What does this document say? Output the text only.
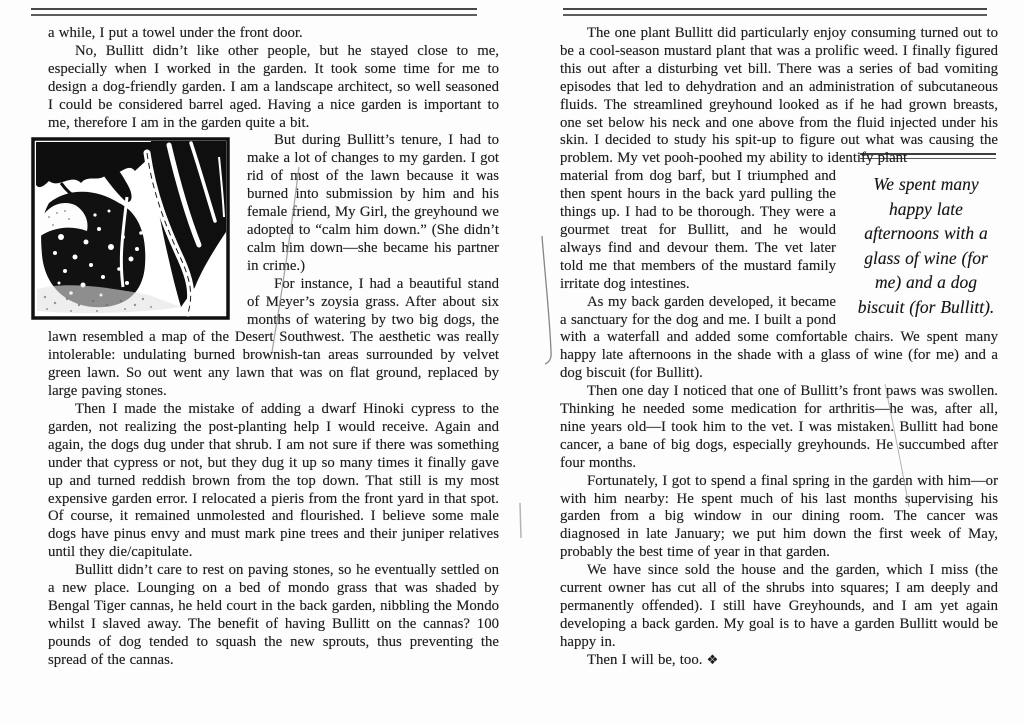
a while, I put a towel under the front door.

No, Bullitt didn’t like other people, but he stayed close to me, especially when I worked in the garden. It took some time for me to design a dog-friendly garden. I am a landscape architect, so well seasoned I could be considered barrel aged. Having a nice garden is important to me, therefore I am in the garden quite a bit.

But during Bullitt’s tenure, I had to make a lot of changes to my garden. I got rid of most of the lawn because it was burned into submission by him and his female friend, My Girl, the greyhound we adopted to “calm him down.” (She didn’t calm him down—she became his partner in crime.)

For instance, I had a beautiful stand of Meyer’s zoysia grass. After about six months of watering by two big dogs, the lawn resembled a map of the Desert Southwest. The aesthetic was really intolerable: undulating burned brownish-tan areas surrounded by velvet green lawn. So out went any lawn that was on flat ground, replaced by large paving stones.

Then I made the mistake of adding a dwarf Hinoki cypress to the garden, not realizing the post-planting help I would receive. Again and again, the dogs dug under that shrub. I am not sure if there was something under that cypress or not, but they dug it up so many times it finally gave up and turned reddish brown from the top down. That still is my most expensive garden error. I relocated a pieris from the front yard in that spot. Of course, it remained unmolested and flourished. I believe some male dogs have pinus envy and must mark pine trees and their juniper relatives until they die/capitulate.

Bullitt didn’t care to rest on paving stones, so he eventually settled on a new place. Lounging on a bed of mondo grass that was shaded by Bengal Tiger cannas, he held court in the back garden, nibbling the Mondo whilst I slaved away. The benefit of having Bullitt on the cannas? 100 pounds of dog tended to squash the new sprouts, thus preventing the spread of the cannas.

The one plant Bullitt did particularly enjoy consuming turned out to be a cool-season mustard plant that was a prolific weed. I finally figured this out after a disturbing vet bill. There was a series of bad vomiting episodes that led to dehydration and an administration of subcutaneous fluids. The streamlined greyhound looked as if he had grown breasts, one set below his neck and one above from the fluid injected under his skin. I decided to study his spit-up to figure out what was causing the problem. My vet pooh-poohed my ability to identify plant

We spent many happy late afternoons with a glass of wine (for me) and a dog biscuit (for Bullitt).

material from dog barf, but I triumphed and then spent hours in the back yard pulling the things up. I had to be thorough. They were a gourmet treat for Bullitt, and he would always find and devour them. The vet later told me that members of the mustard family irritate dog intestines.

As my back garden developed, it became a sanctuary for the dog and me. I built a pond with a waterfall and added some comfortable chairs. We spent many happy late afternoons in the shade with a glass of wine (for me) and a dog biscuit (for Bullitt).

Then one day I noticed that one of Bullitt’s front paws was swollen. Thinking he needed some medication for arthritis—he was, after all, nine years old—I took him to the vet. I was mistaken. Bullitt had bone cancer, a bane of big dogs, especially greyhounds. He succumbed after four months.

Fortunately, I got to spend a final spring in the garden with him—or with him nearby: He spent much of his last months supervising his garden from a big window in our dining room. The cancer was diagnosed in late January; we put him down the first week of May, probably the best time of year in that garden.

We have since sold the house and the garden, which I miss (the current owner has cut all of the shrubs into squares; I am deeply and permanently offended). I still have Greyhounds, and I am yet again developing a back garden. My goal is to have a garden Bullitt would be happy in.

Then I will be, too. ❖
